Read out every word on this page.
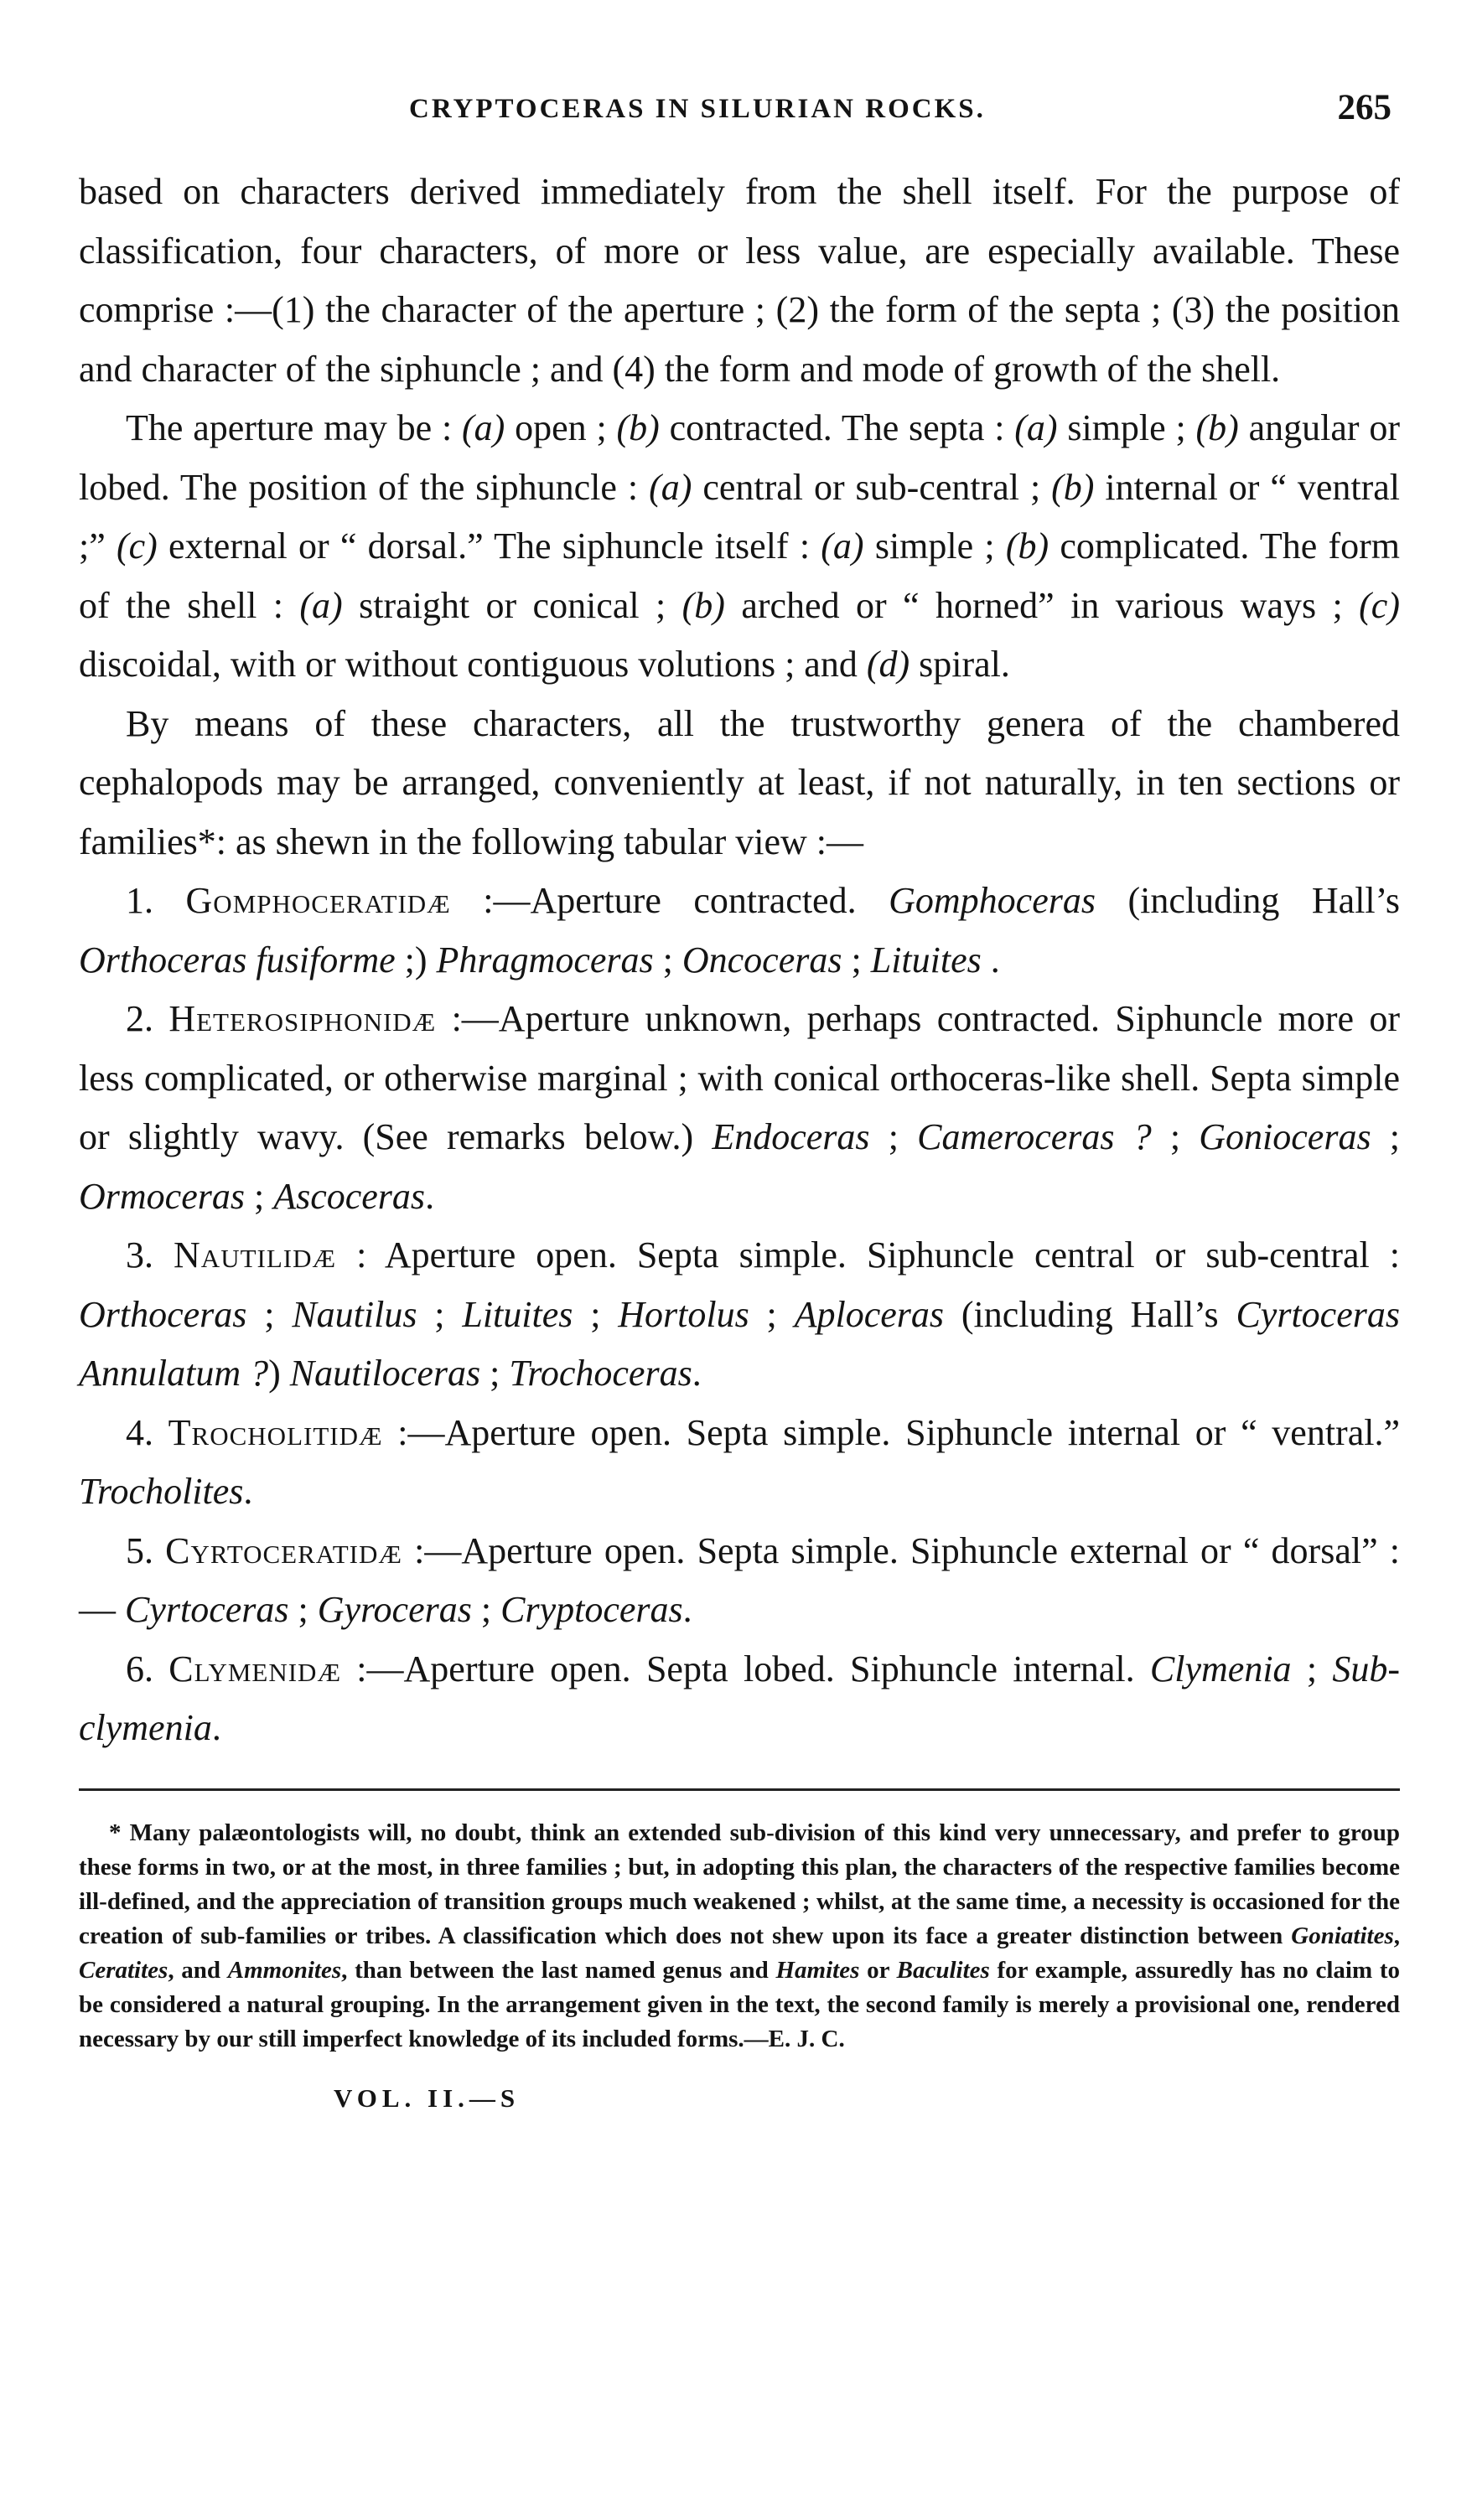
CRYPTOCERAS IN SILURIAN ROCKS.	265

based on characters derived immediately from the shell itself. For the purpose of classification, four characters, of more or less value, are especially available. These comprise :—(1) the character of the aperture ; (2) the form of the septa ; (3) the position and character of the siphuncle ; and (4) the form and mode of growth of the shell.

The aperture may be : (a) open ; (b) contracted. The septa : (a) simple ; (b) angular or lobed. The position of the siphuncle : (a) central or sub-central ; (b) internal or “ ventral ;” (c) external or “ dorsal.” The siphuncle itself : (a) simple ; (b) complicated. The form of the shell : (a) straight or conical ; (b) arched or “ horned” in various ways ; (c) discoidal, with or without contiguous volutions ; and (d) spiral.

By means of these characters, all the trustworthy genera of the chambered cephalopods may be arranged, conveniently at least, if not naturally, in ten sections or families*: as shewn in the following tabular view :—

1. Gomphoceratidæ :—Aperture contracted. Gomphoceras (including Hall’s Orthoceras fusiforme ;) Phragmoceras ; Oncoceras ; Lituites .

2. Heterosiphonidæ :—Aperture unknown, perhaps contracted. Siphuncle more or less complicated, or otherwise marginal ; with conical orthoceras-like shell. Septa simple or slightly wavy. (See remarks below.) Endoceras ; Cameroceras ? ; Gonioceras ; Ormoceras ; Ascoceras.

3. Nautilidæ : Aperture open. Septa simple. Siphuncle central or sub-central : Orthoceras ; Nautilus ; Lituites ; Hortolus ; Aploceras (including Hall’s Cyrtoceras Annulatum ?) Nautiloceras ; Trochoceras.

4. Trocholitidæ :—Aperture open. Septa simple. Siphuncle internal or “ ventral.” Trocholites.

5. Cyrtoceratidæ :—Aperture open. Septa simple. Siphuncle external or “ dorsal” :— Cyrtoceras ; Gyroceras ; Cryptoceras.

6. Clymenidæ :—Aperture open. Septa lobed. Siphuncle internal. Clymenia ; Sub-clymenia.

* Many palæontologists will, no doubt, think an extended sub-division of this kind very unnecessary, and prefer to group these forms in two, or at the most, in three families ; but, in adopting this plan, the characters of the respective families become ill-defined, and the appreciation of transition groups much weakened ; whilst, at the same time, a necessity is occasioned for the creation of sub-families or tribes. A classification which does not shew upon its face a greater distinction between Goniatites, Ceratites, and Ammonites, than between the last named genus and Hamites or Baculites for example, assuredly has no claim to be considered a natural grouping. In the arrangement given in the text, the second family is merely a provisional one, rendered necessary by our still imperfect knowledge of its included forms.—E. J. C.

VOL. II.—S
